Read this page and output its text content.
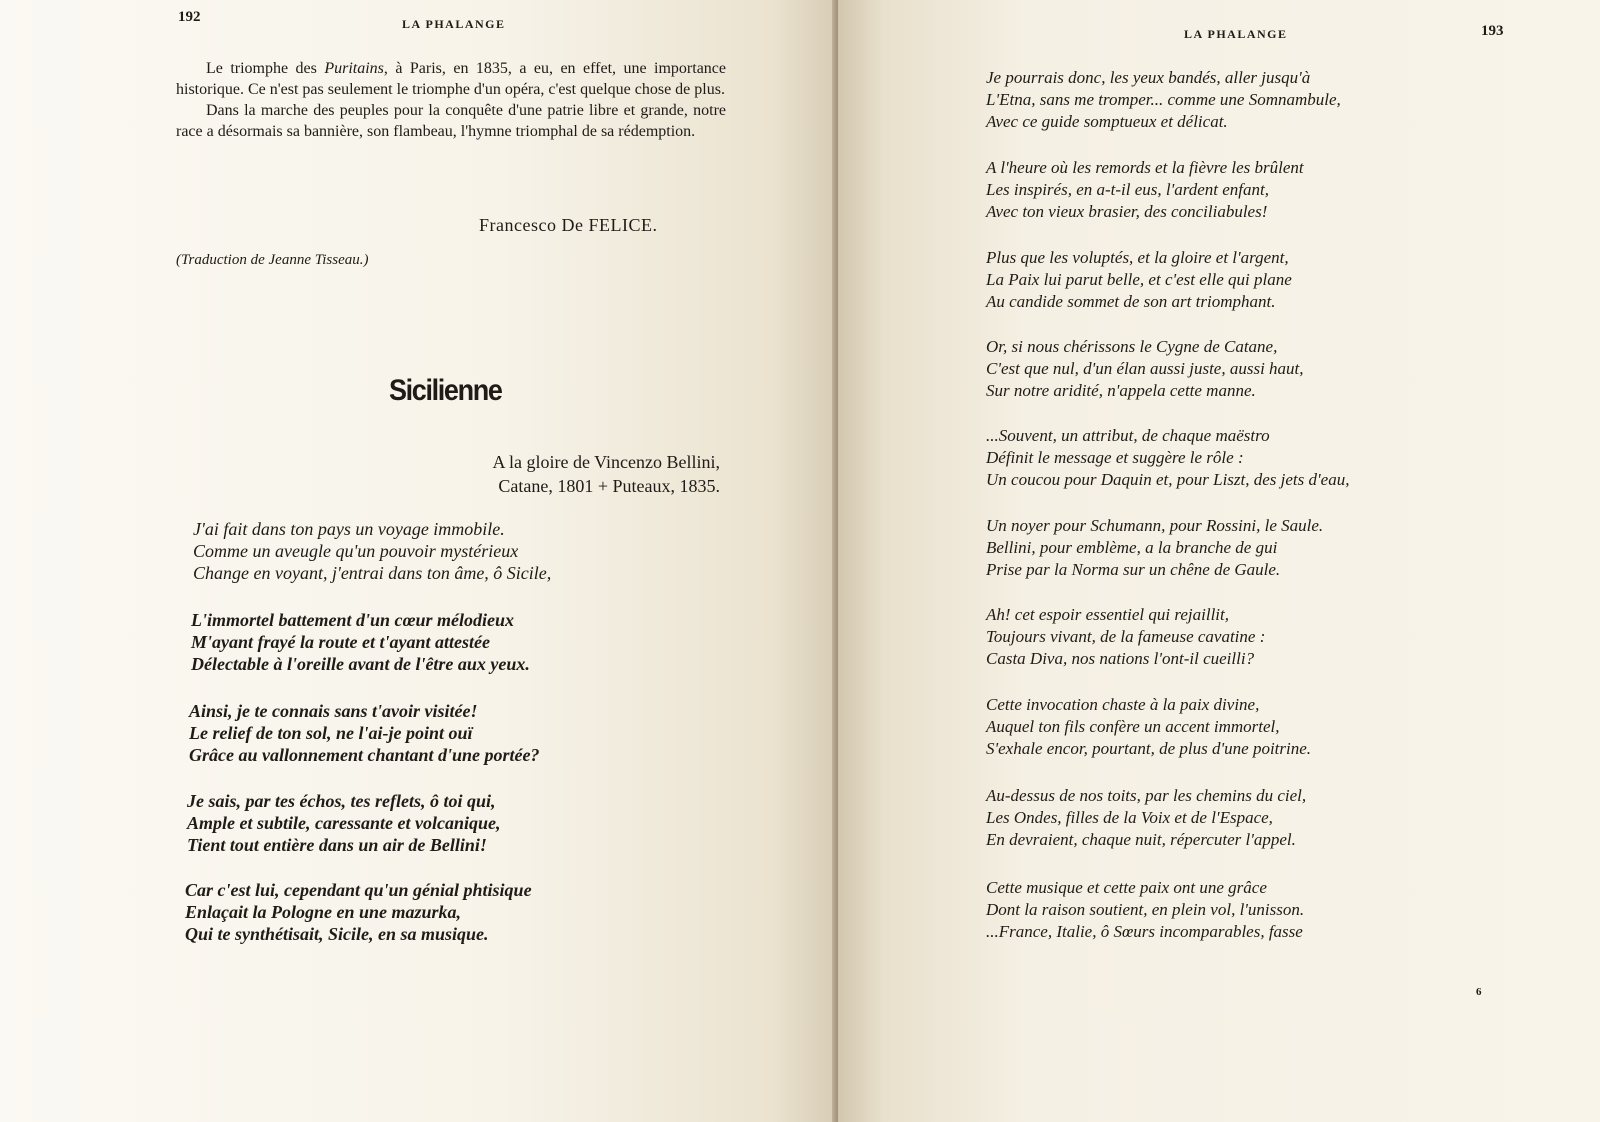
192	LA PHALANGE

Le triomphe des Puritains, à Paris, en 1835, a eu, en effet, une importance historique. Ce n'est pas seulement le triomphe d'un opéra, c'est quelque chose de plus.

Dans la marche des peuples pour la conquête d'une patrie libre et grande, notre race a désormais sa bannière, son flambeau, l'hymne triomphal de sa rédemption.

Francesco De FELICE.
(Traduction de Jeanne Tisseau.)
Sicilienne
A la gloire de Vincenzo Bellini,
Catane, 1801 + Puteaux, 1835.
J'ai fait dans ton pays un voyage immobile.
Comme un aveugle qu'un pouvoir mystérieux
Change en voyant, j'entrai dans ton âme, ô Sicile,
L'immortel battement d'un cœur mélodieux
M'ayant frayé la route et t'ayant attestée
Délectable à l'oreille avant de l'être aux yeux.
Ainsi, je te connais sans t'avoir visitée!
Le relief de ton sol, ne l'ai-je point ouï
Grâce au vallonnement chantant d'une portée?
Je sais, par tes échos, tes reflets, ô toi qui,
Ample et subtile, caressante et volcanique,
Tient tout entière dans un air de Bellini!
Car c'est lui, cependant qu'un génial phtisique
Enlaçait la Pologne en une mazurka,
Qui te synthétisait, Sicile, en sa musique.
LA PHALANGE	193
Je pourrais donc, les yeux bandés, aller jusqu'à
L'Etna, sans me tromper... comme une Somnambule,
Avec ce guide somptueux et délicat.
A l'heure où les remords et la fièvre les brûlent
Les inspirés, en a-t-il eus, l'ardent enfant,
Avec ton vieux brasier, des conciliabules!
Plus que les voluptés, et la gloire et l'argent,
La Paix lui parut belle, et c'est elle qui plane
Au candide sommet de son art triomphant.
Or, si nous chérissons le Cygne de Catane,
C'est que nul, d'un élan aussi juste, aussi haut,
Sur notre aridité, n'appela cette manne.
...Souvent, un attribut, de chaque maëstro
Définit le message et suggère le rôle :
Un coucou pour Daquin et, pour Liszt, des jets d'eau,
Un noyer pour Schumann, pour Rossini, le Saule.
Bellini, pour emblème, a la branche de gui
Prise par la Norma sur un chêne de Gaule.
Ah! cet espoir essentiel qui rejaillit,
Toujours vivant, de la fameuse cavatine :
Casta Diva, nos nations l'ont-il cueilli?
Cette invocation chaste à la paix divine,
Auquel ton fils confère un accent immortel,
S'exhale encor, pourtant, de plus d'une poitrine.
Au-dessus de nos toits, par les chemins du ciel,
Les Ondes, filles de la Voix et de l'Espace,
En devraient, chaque nuit, répercuter l'appel.
Cette musique et cette paix ont une grâce
Dont la raison soutient, en plein vol, l'unisson.
...France, Italie, ô Sœurs incomparables, fasse
6
